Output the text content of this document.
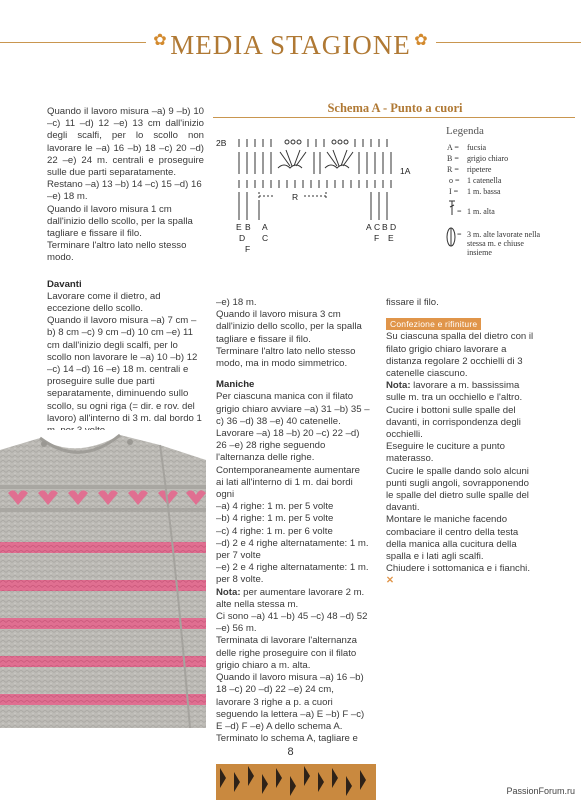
✿	✿
MEDIA STAGIONE

Quando il lavoro misura –a) 9 –b) 10 –c) 11 –d) 12 –e) 13 cm dall'inizio degli scalfi, per lo scollo non lavorare le –a) 16 –b) 18 –c) 20 –d) 22 –e) 24 m. centrali e proseguire sulle due parti separatamente.

Restano –a) 13 –b) 14 –c) 15 –d) 16 –e) 18 m.

Quando il lavoro misura 1 cm dall'inizio dello scollo, per la spalla tagliare e fissare il filo.

Terminare l'altro lato nello stesso modo.

Davanti

Lavorare come il dietro, ad eccezione dello scollo.

Quando il lavoro misura –a) 7 cm –b) 8 cm –c) 9 cm –d) 10 cm –e) 11 cm dall'inizio degli scalfi, per lo scollo non lavorare le –a) 10 –b) 12 –c) 14 –d) 16 –e) 18 m. centrali e proseguire sulle due parti separatamente, diminuendo sullo scollo, su ogni riga (= dir. e rov. del lavoro) all'interno di 3 m. dal bordo 1

Schema A - Punto a cuori
2B
1A
R
E B
D
F
A
C
A C B D
F E
Legenda
A = fucsia
B = grigio chiaro
R = ripetere
o = 1 catenella
I = 1 m. bassa
= 1 m. alta
= 3 m. alte lavorate nella stessa m. e chiuse insieme

–e) 18 m.

Quando il lavoro misura 3 cm dall'inizio dello scollo, per la spalla tagliare e fissare il filo.

Terminare l'altro lato nello stesso modo, ma in modo simmetrico.

Maniche

Per ciascuna manica con il filato grigio chiaro avviare –a) 31 –b) 35 –c) 36 –d) 38 –e) 40 catenelle.

Lavorare –a) 18 –b) 20 –c) 22 –d) 26 –e) 28 righe seguendo l'alternanza delle righe.

Contemporaneamente aumentare ai lati all'interno di 1 m. dai bordi ogni

–a) 4 righe: 1 m. per 5 volte

–b) 4 righe: 1 m. per 5 volte

–c) 4 righe: 1 m. per 6 volte

–d) 2 e 4 righe alternatamente: 1 m. per 7 volte

–e) 2 e 4 righe alternatamente: 1 m. per 8 volte.

Nota: per aumentare lavorare 2 m. alte nella stessa m.

Ci sono –a) 41 –b) 45 –c) 48 –d) 52 –e) 56 m.

Terminata di lavorare l'alternanza delle righe proseguire con il filato grigio chiaro a m. alta.

Quando il lavoro misura –a) 16 –b) 18 –c) 20 –d) 22 –e) 24 cm, lavorare 3 righe a p. a cuori seguendo la lettera –a) E –b) F –c) E –d) F –e) A dello schema A.

Terminato lo schema A, tagliare e

fissare il filo.

Confezione e rifiniture

Su ciascuna spalla del dietro con il filato grigio chiaro lavorare a distanza regolare 2 occhielli di 3 catenelle ciascuno.

Nota: lavorare a m. bassissima sulle m. tra un occhiello e l'altro.

Cucire i bottoni sulle spalle del davanti, in corrispondenza degli occhielli.

Eseguire le cuciture a punto materasso.

Cucire le spalle dando solo alcuni punti sugli angoli, sovrapponendo le spalle del dietro sulle spalle del davanti.

Montare le maniche facendo combaciare il centro della testa della manica alla cucitura della spalla e i lati agli scalfi.

Chiudere i sottomanica e i fianchi. ✕

8
PassionForum.ru
